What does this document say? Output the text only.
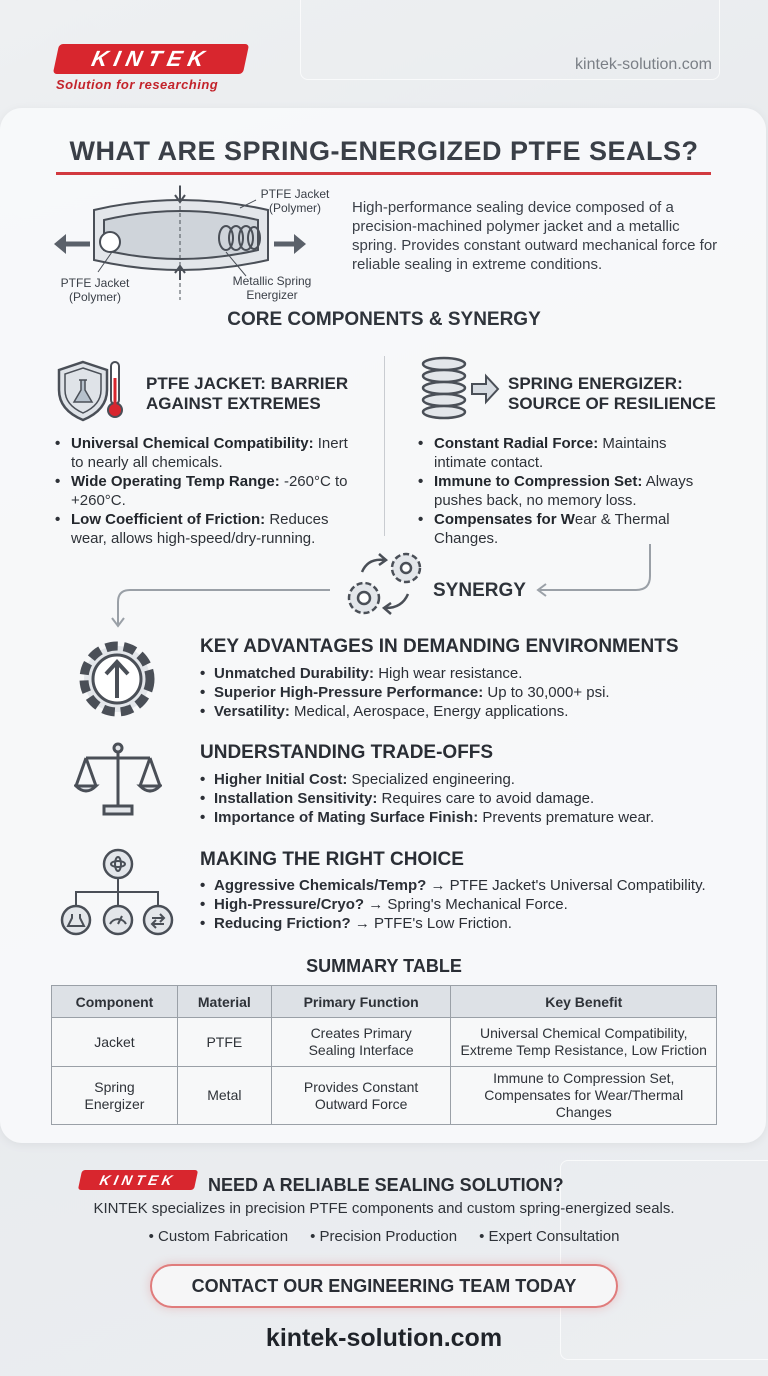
KINTEK
Solution for researching
kintek-solution.com
WHAT ARE SPRING-ENERGIZED PTFE SEALS?
PTFE Jacket
(Polymer)
PTFE Jacket
(Polymer)
Metallic Spring
Energizer
High-performance sealing device composed of a precision-machined polymer jacket and a metallic spring. Provides constant outward mechanical force for reliable sealing in extreme conditions.
CORE COMPONENTS & SYNERGY
PTFE JACKET: BARRIER AGAINST EXTREMES
• Universal Chemical Compatibility: Inert to nearly all chemicals.
• Wide Operating Temp Range: -260°C to +260°C.
• Low Coefficient of Friction: Reduces wear, allows high-speed/dry-running.
SPRING ENERGIZER: SOURCE OF RESILIENCE
• Constant Radial Force: Maintains intimate contact.
• Immune to Compression Set: Always pushes back, no memory loss.
• Compensates for Wear & Thermal Changes.
SYNERGY
KEY ADVANTAGES IN DEMANDING ENVIRONMENTS
• Unmatched Durability: High wear resistance.
• Superior High-Pressure Performance: Up to 30,000+ psi.
• Versatility: Medical, Aerospace, Energy applications.
UNDERSTANDING TRADE-OFFS
• Higher Initial Cost: Specialized engineering.
• Installation Sensitivity: Requires care to avoid damage.
• Importance of Mating Surface Finish: Prevents premature wear.
MAKING THE RIGHT CHOICE
• Aggressive Chemicals/Temp? → PTFE Jacket's Universal Compatibility.
• High-Pressure/Cryo? → Spring's Mechanical Force.
• Reducing Friction? → PTFE's Low Friction.
SUMMARY TABLE
Component	Material	Primary Function	Key Benefit
Jacket	PTFE	Creates Primary Sealing Interface	Universal Chemical Compatibility, Extreme Temp Resistance, Low Friction
Spring Energizer	Metal	Provides Constant Outward Force	Immune to Compression Set, Compensates for Wear/Thermal Changes
KINTEK	NEED A RELIABLE SEALING SOLUTION?
KINTEK specializes in precision PTFE components and custom spring-energized seals.
• Custom Fabrication	• Precision Production	• Expert Consultation
CONTACT OUR ENGINEERING TEAM TODAY
kintek-solution.com
